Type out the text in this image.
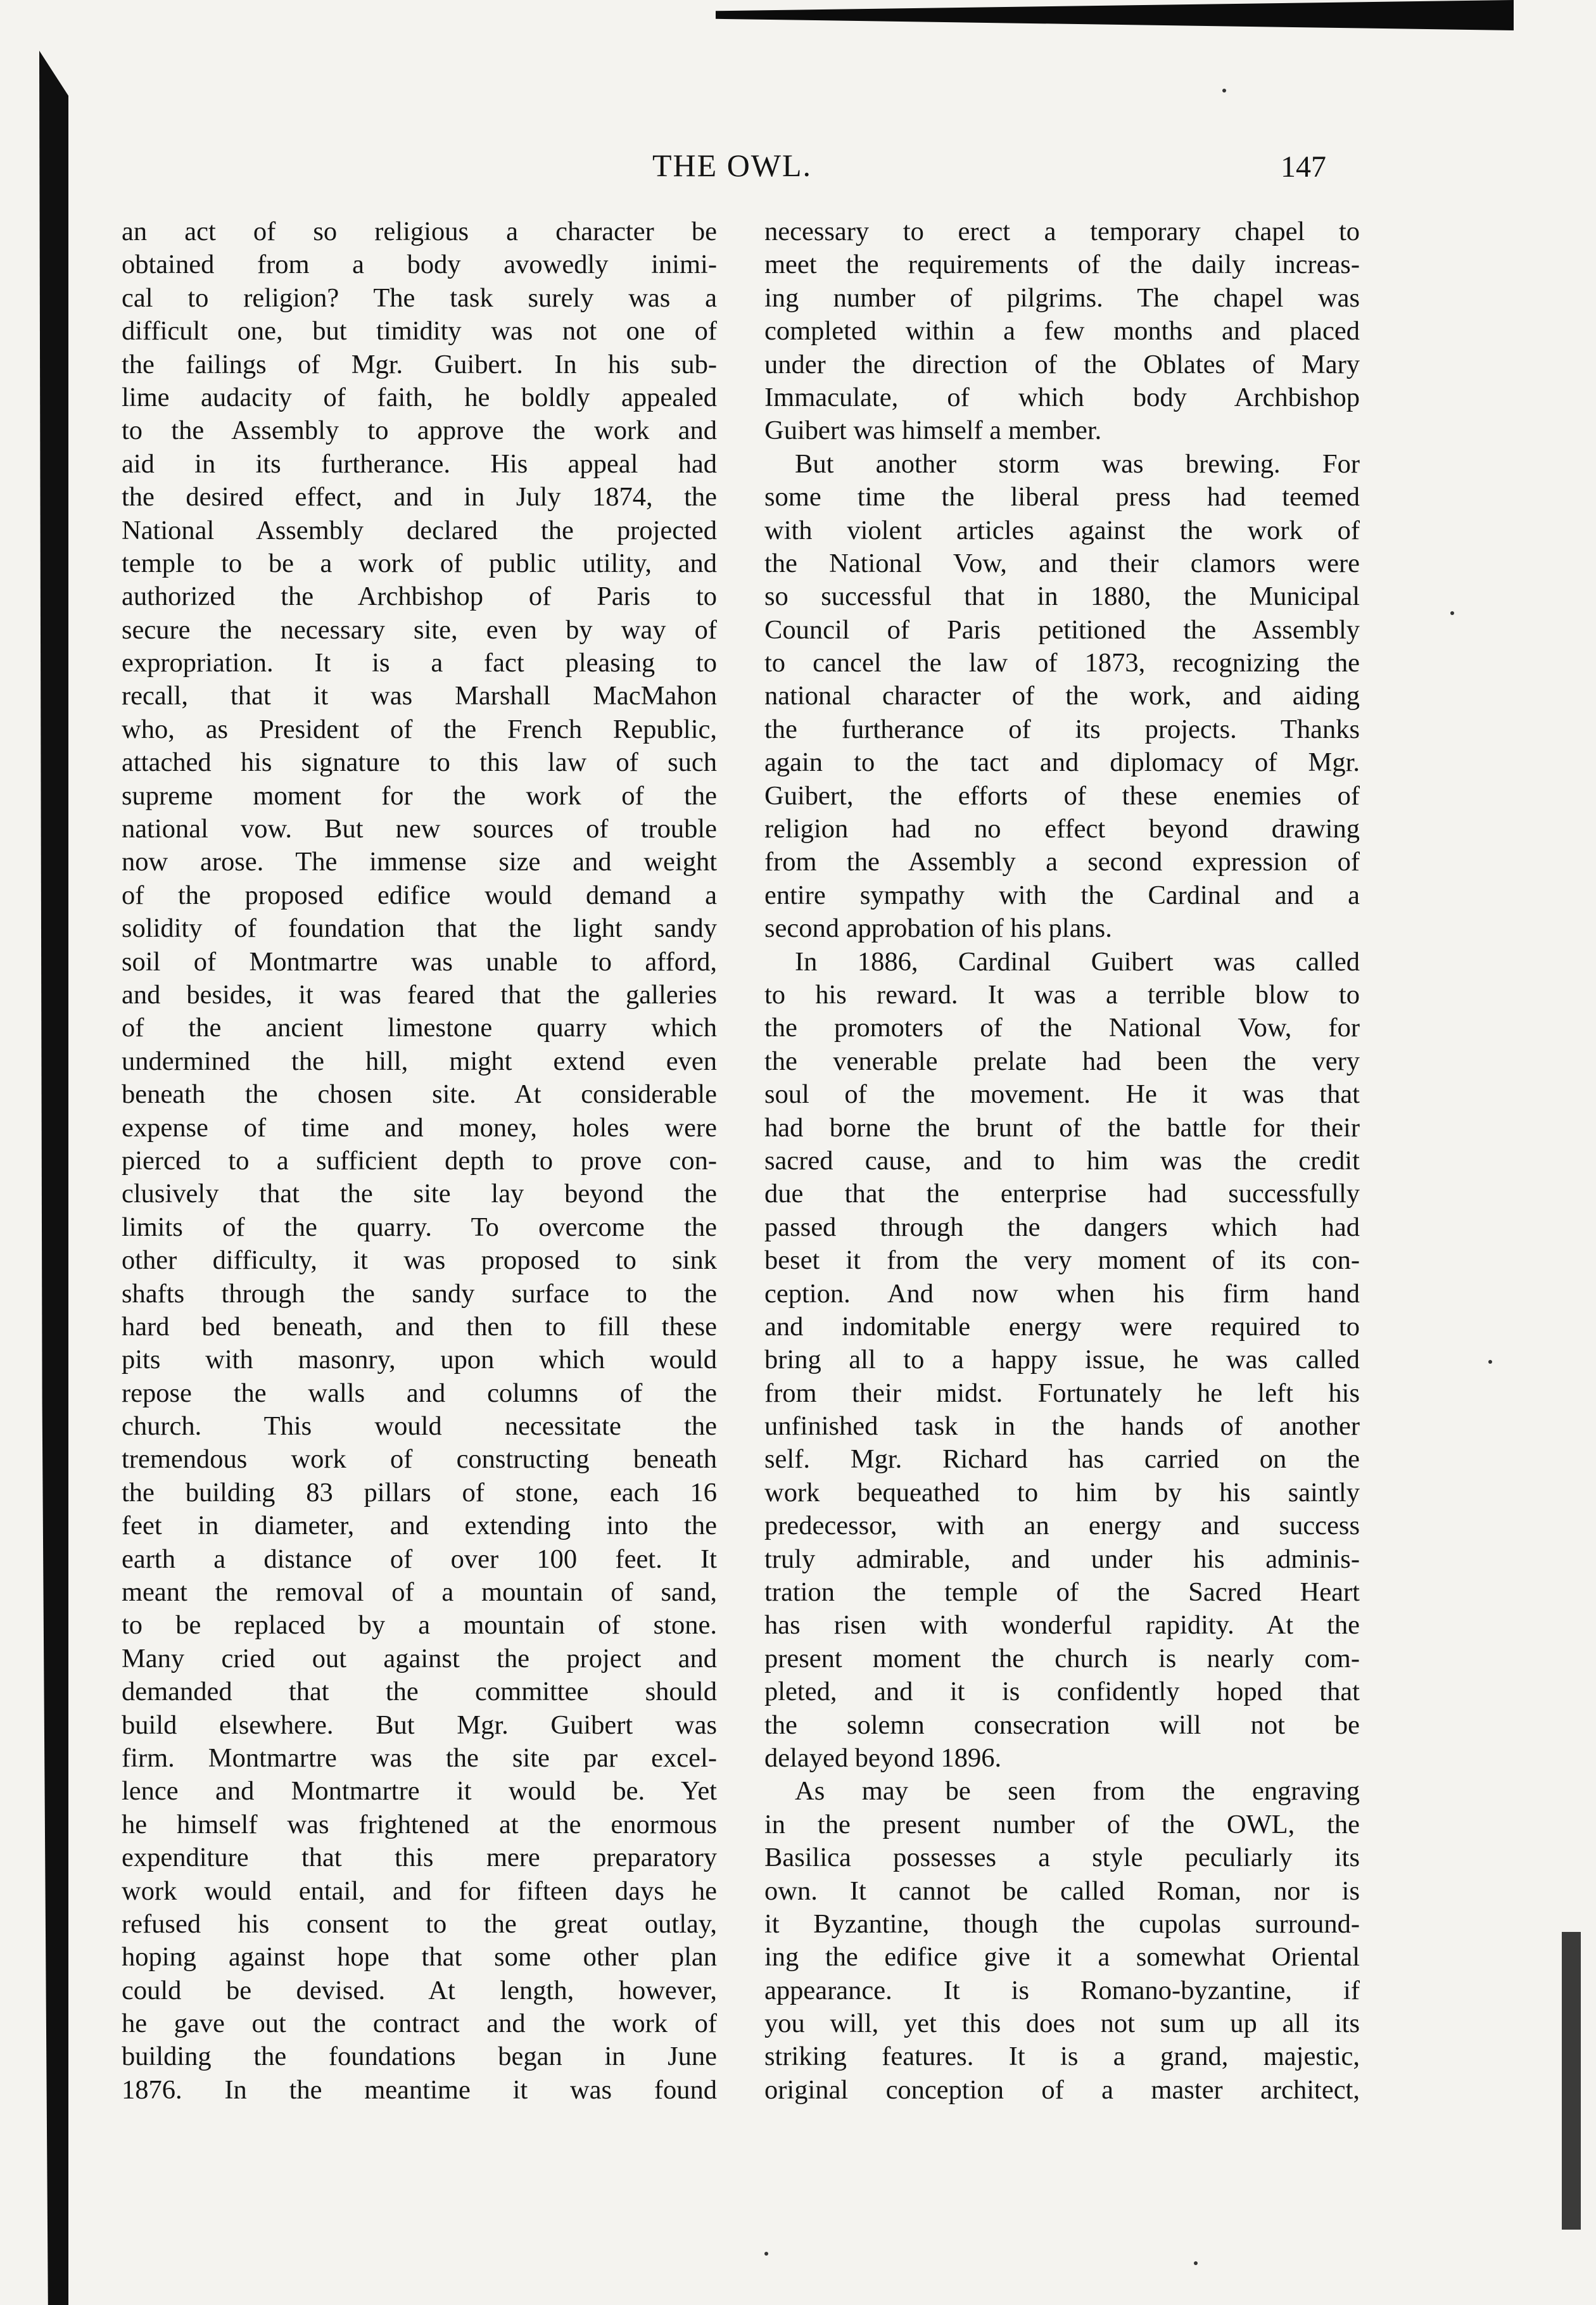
THE OWL.	147
an act of so religious a character be
obtained from a body avowedly inimi-
cal to religion? The task surely was a
difficult one, but timidity was not one of
the failings of Mgr. Guibert. In his sub-
lime audacity of faith, he boldly appealed
to the Assembly to approve the work and
aid in its furtherance. His appeal had
the desired effect, and in July 1874, the
National Assembly declared the projected
temple to be a work of public utility, and
authorized the Archbishop of Paris to
secure the necessary site, even by way of
expropriation. It is a fact pleasing to
recall, that it was Marshall MacMahon
who, as President of the French Republic,
attached his signature to this law of such
supreme moment for the work of the
national vow. But new sources of trouble
now arose. The immense size and weight
of the proposed edifice would demand a
solidity of foundation that the light sandy
soil of Montmartre was unable to afford,
and besides, it was feared that the galleries
of the ancient limestone quarry which
undermined the hill, might extend even
beneath the chosen site. At considerable
expense of time and money, holes were
pierced to a sufficient depth to prove con-
clusively that the site lay beyond the
limits of the quarry. To overcome the
other difficulty, it was proposed to sink
shafts through the sandy surface to the
hard bed beneath, and then to fill these
pits with masonry, upon which would
repose the walls and columns of the
church. This would necessitate the
tremendous work of constructing beneath
the building 83 pillars of stone, each 16
feet in diameter, and extending into the
earth a distance of over 100 feet. It
meant the removal of a mountain of sand,
to be replaced by a mountain of stone.
Many cried out against the project and
demanded that the committee should
build elsewhere. But Mgr. Guibert was
firm. Montmartre was the site par excel-
lence and Montmartre it would be. Yet
he himself was frightened at the enormous
expenditure that this mere preparatory
work would entail, and for fifteen days he
refused his consent to the great outlay,
hoping against hope that some other plan
could be devised. At length, however,
he gave out the contract and the work of
building the foundations began in June
1876. In the meantime it was found
necessary to erect a temporary chapel to
meet the requirements of the daily increas-
ing number of pilgrims. The chapel was
completed within a few months and placed
under the direction of the Oblates of Mary
Immaculate, of which body Archbishop
Guibert was himself a member.
But another storm was brewing. For
some time the liberal press had teemed
with violent articles against the work of
the National Vow, and their clamors were
so successful that in 1880, the Municipal
Council of Paris petitioned the Assembly
to cancel the law of 1873, recognizing the
national character of the work, and aiding
the furtherance of its projects. Thanks
again to the tact and diplomacy of Mgr.
Guibert, the efforts of these enemies of
religion had no effect beyond drawing
from the Assembly a second expression of
entire sympathy with the Cardinal and a
second approbation of his plans.
In 1886, Cardinal Guibert was called
to his reward. It was a terrible blow to
the promoters of the National Vow, for
the venerable prelate had been the very
soul of the movement. He it was that
had borne the brunt of the battle for their
sacred cause, and to him was the credit
due that the enterprise had successfully
passed through the dangers which had
beset it from the very moment of its con-
ception. And now when his firm hand
and indomitable energy were required to
bring all to a happy issue, he was called
from their midst. Fortunately he left his
unfinished task in the hands of another
self. Mgr. Richard has carried on the
work bequeathed to him by his saintly
predecessor, with an energy and success
truly admirable, and under his adminis-
tration the temple of the Sacred Heart
has risen with wonderful rapidity. At the
present moment the church is nearly com-
pleted, and it is confidently hoped that
the solemn consecration will not be
delayed beyond 1896.
As may be seen from the engraving
in the present number of the OWL, the
Basilica possesses a style peculiarly its
own. It cannot be called Roman, nor is
it Byzantine, though the cupolas surround-
ing the edifice give it a somewhat Oriental
appearance. It is Romano-byzantine, if
you will, yet this does not sum up all its
striking features. It is a grand, majestic,
original conception of a master architect,
